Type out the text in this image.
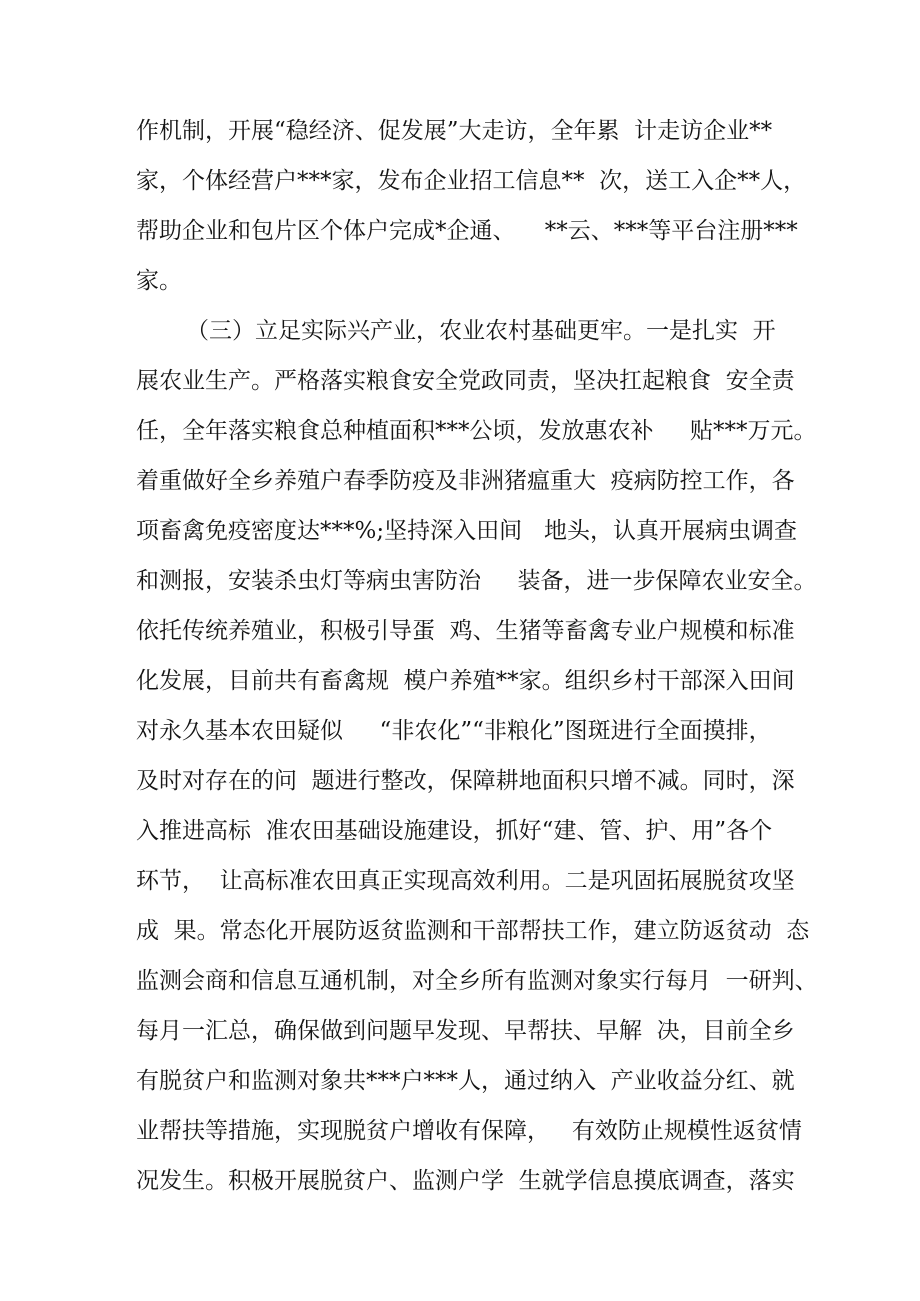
作机制，开展“稳经济、促发展”大走访，全年累  计走访企业**
家，个体经营户***家，发布企业招工信息**  次，送工入企**人，
帮助企业和包片区个体户完成*企通、    **云、***等平台注册***
家。
（三）立足实际兴产业，农业农村基础更牢。一是扎实  开
展农业生产。严格落实粮食安全党政同责，坚决扛起粮食  安全责
任，全年落实粮食总种植面积***公顷，发放惠农补     贴***万元。
着重做好全乡养殖户春季防疫及非洲猪瘟重大  疫病防控工作，各
项畜禽免疫密度达***%;坚持深入田间   地头，认真开展病虫调查
和测报，安装杀虫灯等病虫害防治     装备，进一步保障农业安全。
依托传统养殖业，积极引导蛋  鸡、生猪等畜禽专业户规模和标准
化发展，目前共有畜禽规  模户养殖**家。组织乡村干部深入田间
对永久基本农田疑似     “非农化”“非粮化”图斑进行全面摸排，
及时对存在的问  题进行整改，保障耕地面积只增不减。同时，深
入推进高标  准农田基础设施建设，抓好“建、管、护、用”各个
环节，  让高标准农田真正实现高效利用。二是巩固拓展脱贫攻坚
成  果。常态化开展防返贫监测和干部帮扶工作，建立防返贫动  态
监测会商和信息互通机制，对全乡所有监测对象实行每月  一研判、
每月一汇总，确保做到问题早发现、早帮扶、早解  决，目前全乡
有脱贫户和监测对象共***户***人，通过纳入  产业收益分红、就
业帮扶等措施，实现脱贫户增收有保障，   有效防止规模性返贫情
况发生。积极开展脱贫户、监测户学  生就学信息摸底调查，落实
